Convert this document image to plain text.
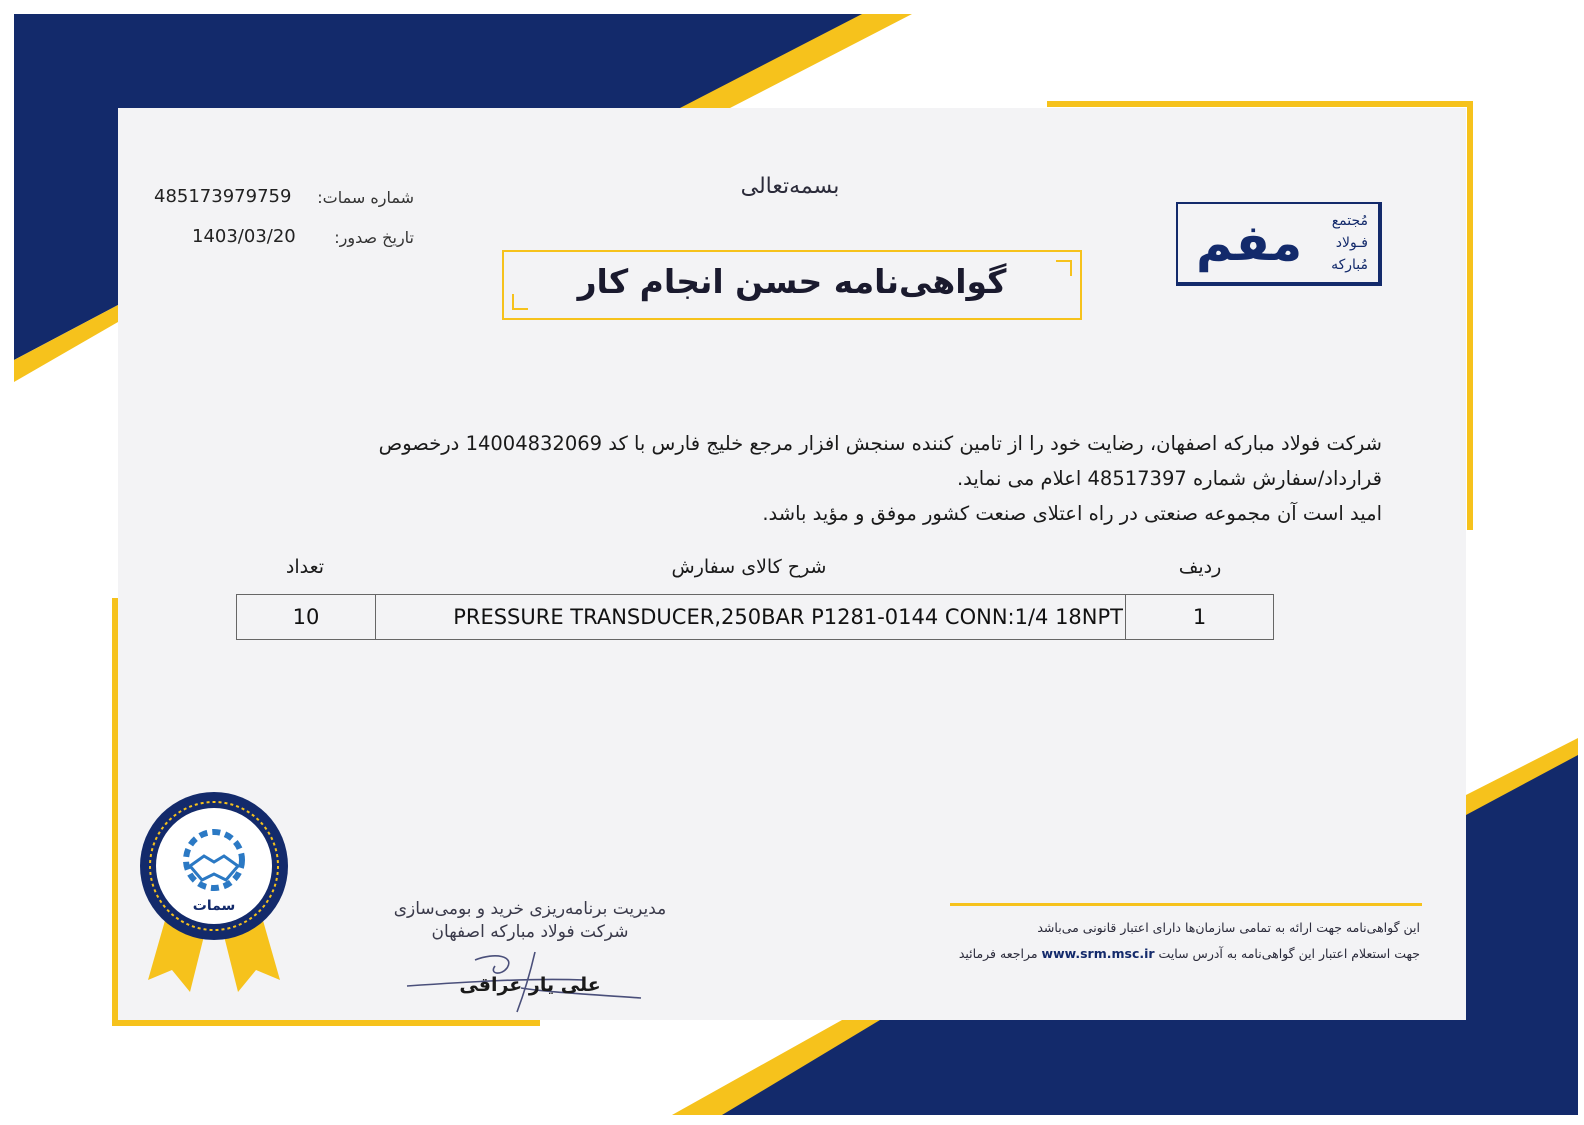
بسمه‌تعالی
485173979759 شماره سمات:
1403/03/20 تاریخ صدور:
گواهی‌نامه حسن انجام کار
مفم مُجتمع
فـولاد
مُبارکه

شرکت فولاد مبارکه اصفهان، رضایت خود را از تامین کننده سنجش افزار مرجع خلیج فارس با کد 14004832069 درخصوص

قرارداد/سفارش شماره 48517397 اعلام می نماید.

امید است آن مجموعه صنعتی در راه اعتلای صنعت کشور موفق و مؤید باشد.

ردیف
شرح کالای سفارش
تعداد
1
PRESSURE TRANSDUCER,250BAR P1281-0144 CONN:1/4 18NPT
10
سمات	مدیریت برنامه‌ریزی خرید و بومی‌سازی
شرکت فولاد مبارکه اصفهان
علی یار عراقی
این گواهی‌نامه جهت ارائه به تمامی سازمان‌ها دارای اعتبار قانونی می‌باشد
جهت استعلام اعتبار این گواهی‌نامه به آدرس سایت www.srm.msc.ir مراجعه فرمائید
